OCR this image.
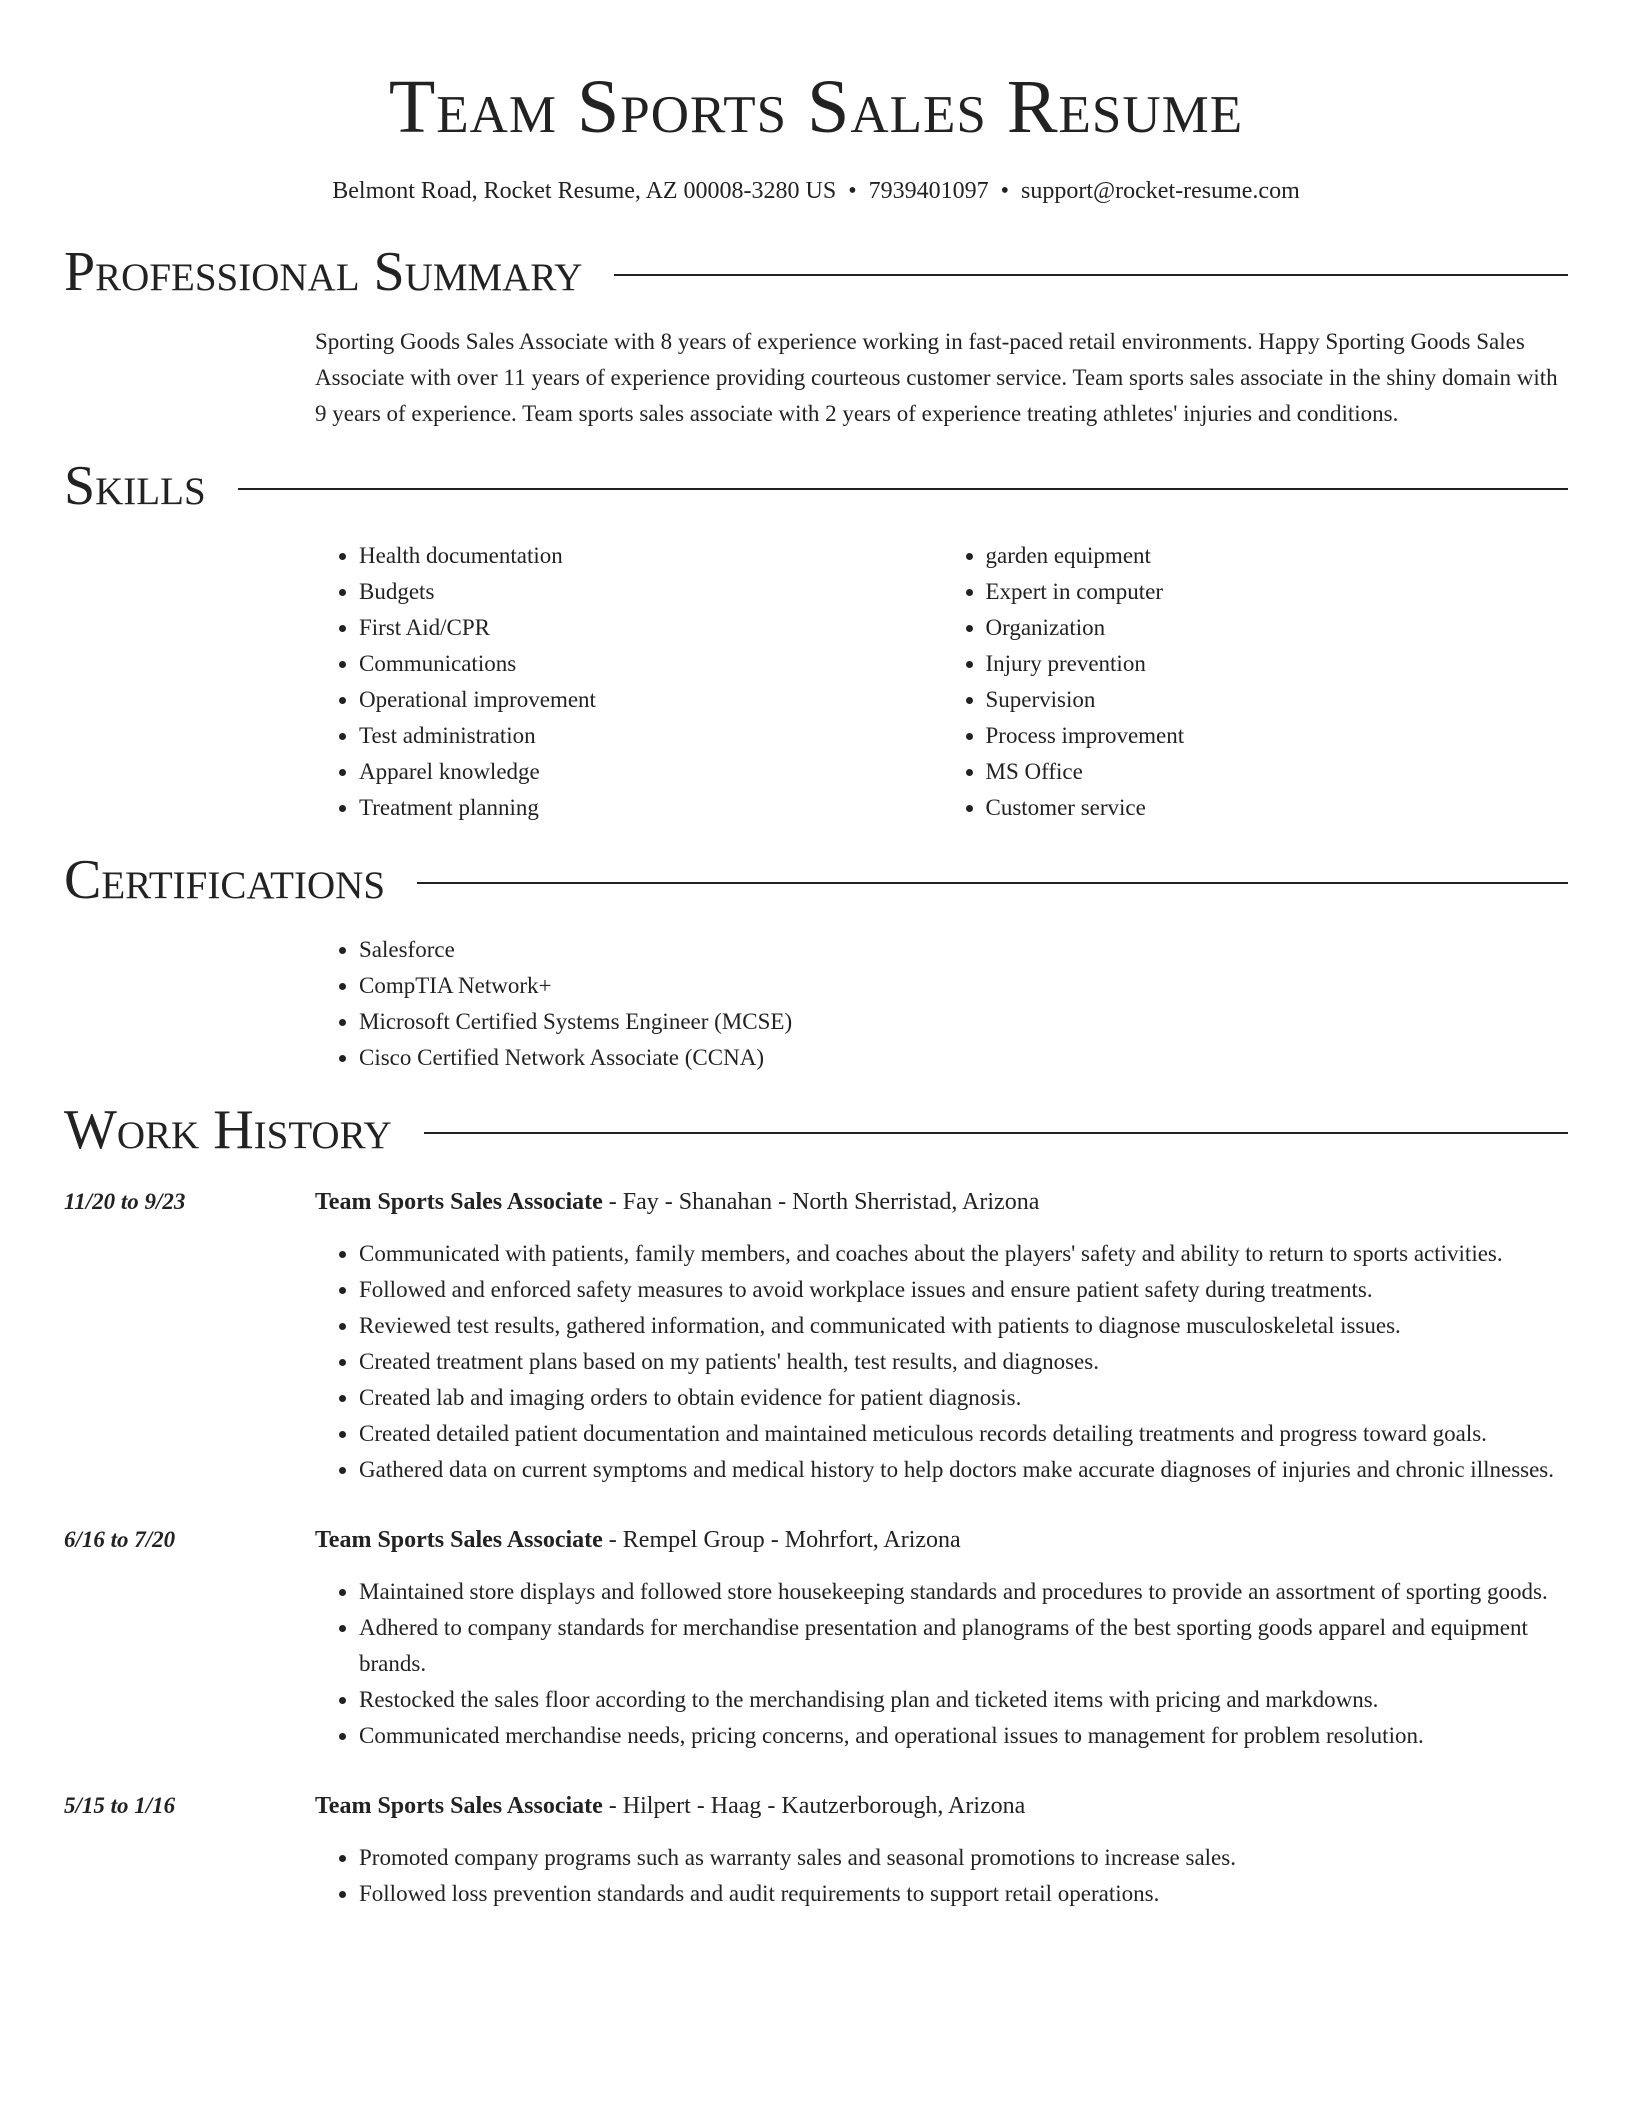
Team Sports Sales Resume
Belmont Road, Rocket Resume, AZ 00008-3280 US • 7939401097 • support@rocket-resume.com
Professional Summary

Sporting Goods Sales Associate with 8 years of experience working in fast-paced retail environments. Happy Sporting Goods Sales Associate with over 11 years of experience providing courteous customer service. Team sports sales associate in the shiny domain with 9 years of experience. Team sports sales associate with 2 years of experience treating athletes' injuries and conditions.

Skills
• Health documentation
• Budgets
• First Aid/CPR
• Communications
• Operational improvement
• Test administration
• Apparel knowledge
• Treatment planning
• garden equipment
• Expert in computer
• Organization
• Injury prevention
• Supervision
• Process improvement
• MS Office
• Customer service
Certifications
• Salesforce
• CompTIA Network+
• Microsoft Certified Systems Engineer (MCSE)
• Cisco Certified Network Associate (CCNA)
Work History
11/20 to 9/23	Team Sports Sales Associate - Fay - Shanahan - North Sherristad, Arizona
• Communicated with patients, family members, and coaches about the players' safety and ability to return to sports activities.
• Followed and enforced safety measures to avoid workplace issues and ensure patient safety during treatments.
• Reviewed test results, gathered information, and communicated with patients to diagnose musculoskeletal issues.
• Created treatment plans based on my patients' health, test results, and diagnoses.
• Created lab and imaging orders to obtain evidence for patient diagnosis.
• Created detailed patient documentation and maintained meticulous records detailing treatments and progress toward goals.
• Gathered data on current symptoms and medical history to help doctors make accurate diagnoses of injuries and chronic illnesses.
6/16 to 7/20	Team Sports Sales Associate - Rempel Group - Mohrfort, Arizona
• Maintained store displays and followed store housekeeping standards and procedures to provide an assortment of sporting goods.
• Adhered to company standards for merchandise presentation and planograms of the best sporting goods apparel and equipment brands.
• Restocked the sales floor according to the merchandising plan and ticketed items with pricing and markdowns.
• Communicated merchandise needs, pricing concerns, and operational issues to management for problem resolution.
5/15 to 1/16	Team Sports Sales Associate - Hilpert - Haag - Kautzerborough, Arizona
• Promoted company programs such as warranty sales and seasonal promotions to increase sales.
• Followed loss prevention standards and audit requirements to support retail operations.
